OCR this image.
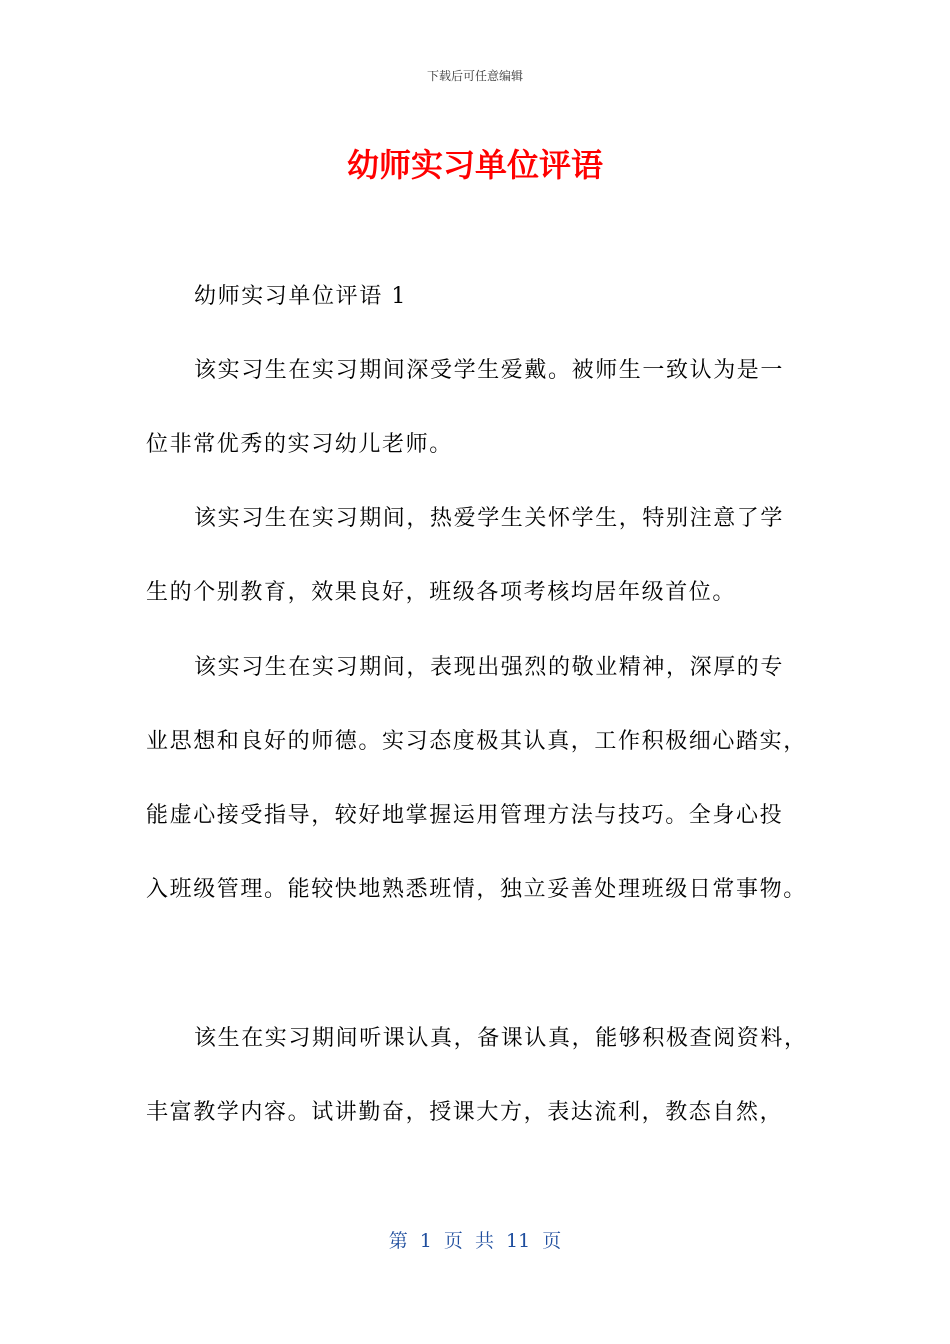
下载后可任意编辑
幼师实习单位评语
幼师实习单位评语 1
该实习生在实习期间深受学生爱戴。被师生一致认为是一
位非常优秀的实习幼儿老师。
该实习生在实习期间，热爱学生关怀学生，特别注意了学
生的个别教育，效果良好，班级各项考核均居年级首位。
该实习生在实习期间，表现出强烈的敬业精神，深厚的专
业思想和良好的师德。实习态度极其认真，工作积极细心踏实，
能虚心接受指导，较好地掌握运用管理方法与技巧。全身心投
入班级管理。能较快地熟悉班情，独立妥善处理班级日常事物。
该生在实习期间听课认真，备课认真，能够积极查阅资料，
丰富教学内容。试讲勤奋，授课大方，表达流利，教态自然，
第 1 页 共 11 页
